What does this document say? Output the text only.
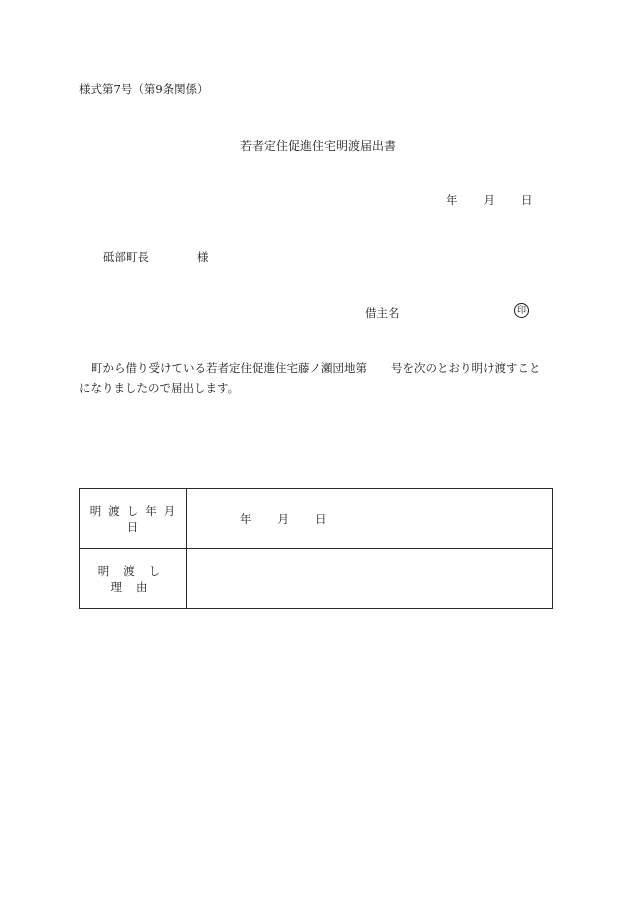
様式第7号（第9条関係）
若者定住促進住宅明渡届出書
年 月 日
砥部町長	様
借主名	印
町から借り受けている若者定住促進住宅藤ノ瀬団地第 号を次のとおり明け渡すこと
になりましたので届出します。
明渡し年月日	年 月 日
明渡し理由	
